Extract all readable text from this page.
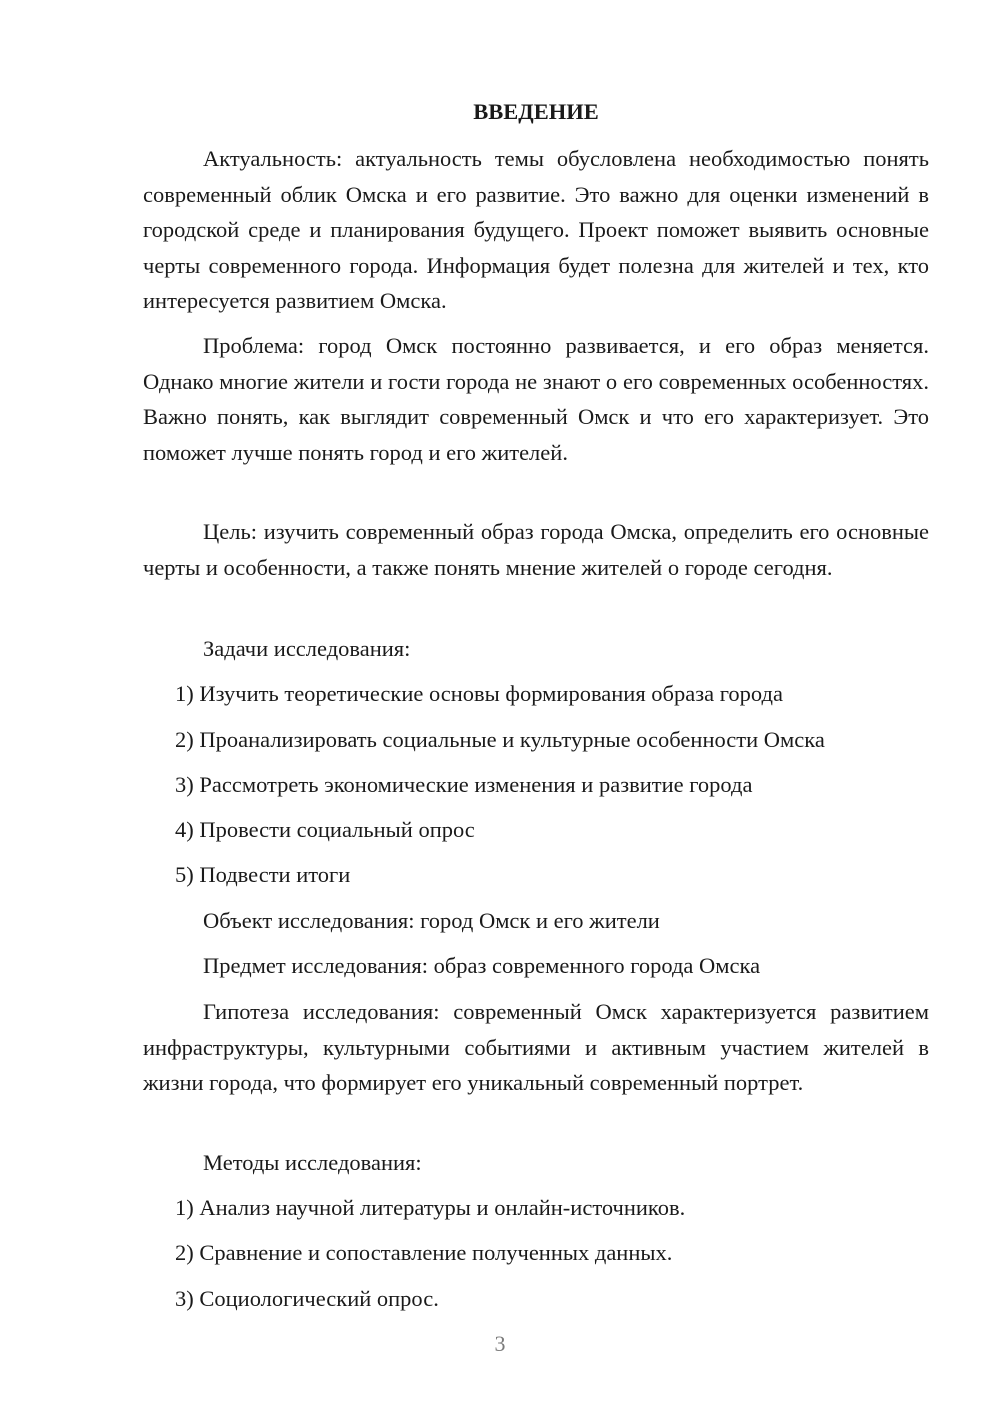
ВВЕДЕНИЕ

Актуальность: актуальность темы обусловлена необходимостью понять современный облик Омска и его развитие. Это важно для оценки изменений в городской среде и планирования будущего. Проект поможет выявить основные черты современного города. Информация будет полезна для жителей и тех, кто интересуется развитием Омска.

Проблема: город Омск постоянно развивается, и его образ меняется. Однако многие жители и гости города не знают о его современных особенностях. Важно понять, как выглядит современный Омск и что его характеризует. Это поможет лучше понять город и его жителей.

Цель: изучить современный образ города Омска, определить его основные черты и особенности, а также понять мнение жителей о городе сегодня.

Задачи исследования:

1) Изучить теоретические основы формирования образа города

2) Проанализировать социальные и культурные особенности Омска

3) Рассмотреть экономические изменения и развитие города

4) Провести социальный опрос

5) Подвести итоги

Объект исследования: город Омск и его жители

Предмет исследования: образ современного города Омска

Гипотеза исследования: современный Омск характеризуется развитием инфраструктуры, культурными событиями и активным участием жителей в жизни города, что формирует его уникальный современный портрет.

Методы исследования:

1) Анализ научной литературы и онлайн-источников.

2) Сравнение и сопоставление полученных данных.

3) Социологический опрос.

3
